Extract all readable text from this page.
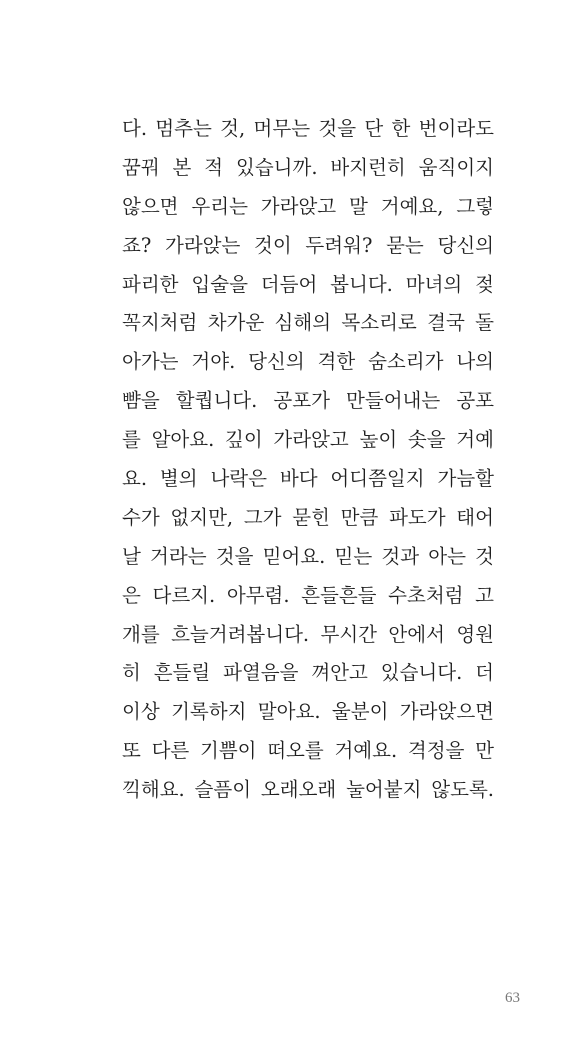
다. 멈추는 것, 머무는 것을 단 한 번이라도
꿈꿔 본 적 있습니까. 바지런히 움직이지
않으면 우리는 가라앉고 말 거예요, 그렇
죠? 가라앉는 것이 두려워? 묻는 당신의
파리한 입술을 더듬어 봅니다. 마녀의 젖
꼭지처럼 차가운 심해의 목소리로 결국 돌
아가는 거야. 당신의 격한 숨소리가 나의
뺨을 할퀍니다. 공포가 만들어내는 공포
를 알아요. 깊이 가라앉고 높이 솟을 거예
요. 별의 나락은 바다 어디쯤일지 가늠할
수가 없지만, 그가 묻힌 만큼 파도가 태어
날 거라는 것을 믿어요. 믿는 것과 아는 것
은 다르지. 아무렴. 흔들흔들 수초처럼 고
개를 흐늘거려봅니다. 무시간 안에서 영원
히 흔들릴 파열음을 껴안고 있습니다. 더
이상 기록하지 말아요. 울분이 가라앉으면
또 다른 기쁨이 떠오를 거예요. 격정을 만
끽해요. 슬픔이 오래오래 눌어붙지 않도록.
63
